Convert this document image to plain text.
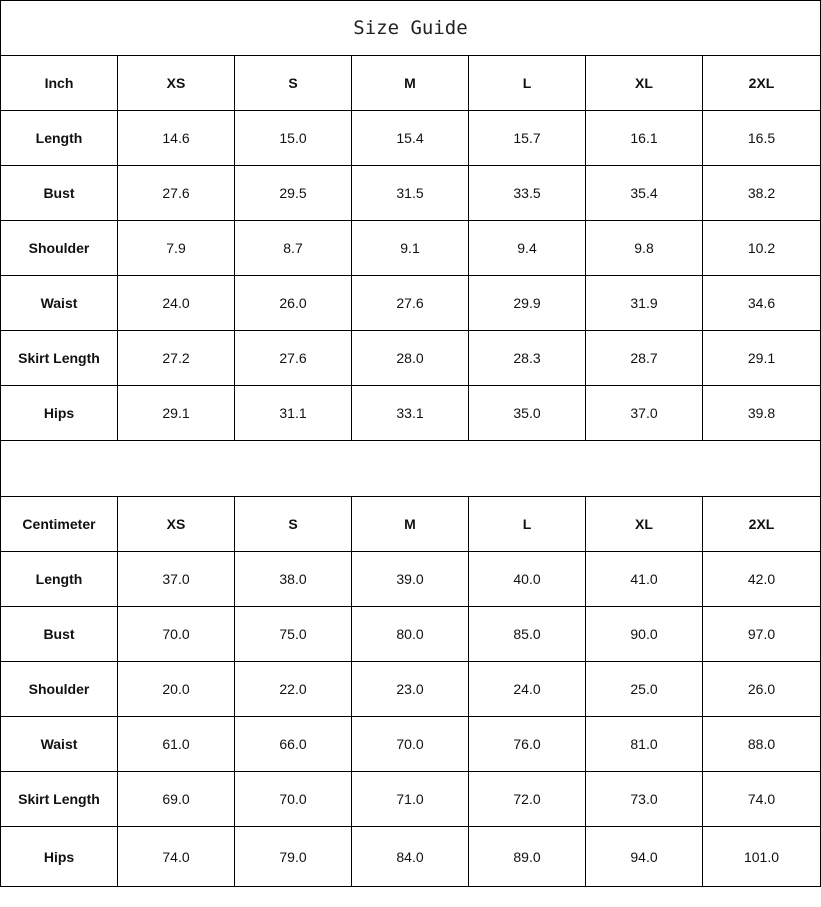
Size Guide						
Inch	XS	S	M	L	XL	2XL
Length	14.6	15.0	15.4	15.7	16.1	16.5
Bust	27.6	29.5	31.5	33.5	35.4	38.2
Shoulder	7.9	8.7	9.1	9.4	9.8	10.2
Waist	24.0	26.0	27.6	29.9	31.9	34.6
Skirt Length	27.2	27.6	28.0	28.3	28.7	29.1
Hips	29.1	31.1	33.1	35.0	37.0	39.8

Centimeter	XS	S	M	L	XL	2XL
Length	37.0	38.0	39.0	40.0	41.0	42.0
Bust	70.0	75.0	80.0	85.0	90.0	97.0
Shoulder	20.0	22.0	23.0	24.0	25.0	26.0
Waist	61.0	66.0	70.0	76.0	81.0	88.0
Skirt Length	69.0	70.0	71.0	72.0	73.0	74.0
Hips	74.0	79.0	84.0	89.0	94.0	101.0
